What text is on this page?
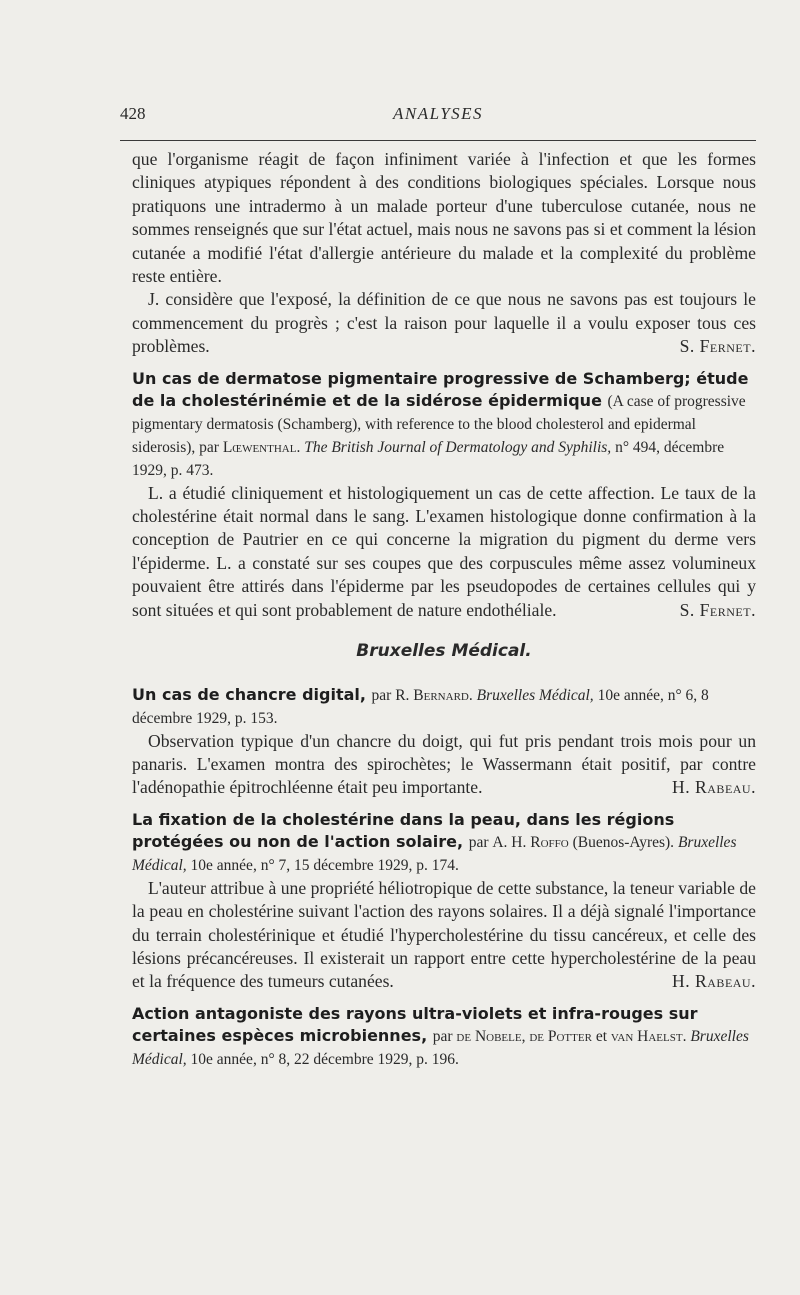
428	ANALYSES

que l'organisme réagit de façon infiniment variée à l'infection et que les formes cliniques atypiques répondent à des conditions biologiques spéciales. Lorsque nous pratiquons une intradermo à un malade porteur d'une tuberculose cutanée, nous ne sommes renseignés que sur l'état actuel, mais nous ne savons pas si et comment la lésion cutanée a modifié l'état d'allergie antérieure du malade et la complexité du problème reste entière.

J. considère que l'exposé, la définition de ce que nous ne savons pas est toujours le commencement du progrès ; c'est la raison pour laquelle il a voulu exposer tous ces problèmes.	S. Fernet.

Un cas de dermatose pigmentaire progressive de Schamberg; étude de la cholestérinémie et de la sidérose épidermique (A case of progressive pigmentary dermatosis (Schamberg), with reference to the blood cholesterol and epidermal siderosis), par Lœwenthal. The British Journal of Dermatology and Syphilis, n° 494, décembre 1929, p. 473.

L. a étudié cliniquement et histologiquement un cas de cette affection. Le taux de la cholestérine était normal dans le sang. L'examen histologique donne confirmation à la conception de Pautrier en ce qui concerne la migration du pigment du derme vers l'épiderme. L. a constaté sur ses coupes que des corpuscules même assez volumineux pouvaient être attirés dans l'épiderme par les pseudopodes de certaines cellules qui y sont situées et qui sont probablement de nature endothéliale.	S. Fernet.

Bruxelles Médical.
Un cas de chancre digital, par R. Bernard. Bruxelles Médical, 10e année, n° 6, 8 décembre 1929, p. 153.

Observation typique d'un chancre du doigt, qui fut pris pendant trois mois pour un panaris. L'examen montra des spirochètes; le Wassermann était positif, par contre l'adénopathie épitrochléenne était peu importante.	H. Rabeau.

La fixation de la cholestérine dans la peau, dans les régions protégées ou non de l'action solaire, par A. H. Roffo (Buenos-Ayres). Bruxelles Médical, 10e année, n° 7, 15 décembre 1929, p. 174.

L'auteur attribue à une propriété héliotropique de cette substance, la teneur variable de la peau en cholestérine suivant l'action des rayons solaires. Il a déjà signalé l'importance du terrain cholestérinique et étudié l'hypercholestérine du tissu cancéreux, et celle des lésions précancéreuses. Il existerait un rapport entre cette hypercholestérine de la peau et la fréquence des tumeurs cutanées.	H. Rabeau.

Action antagoniste des rayons ultra-violets et infra-rouges sur certaines espèces microbiennes, par de Nobele, de Potter et van Haelst. Bruxelles Médical, 10e année, n° 8, 22 décembre 1929, p. 196.
